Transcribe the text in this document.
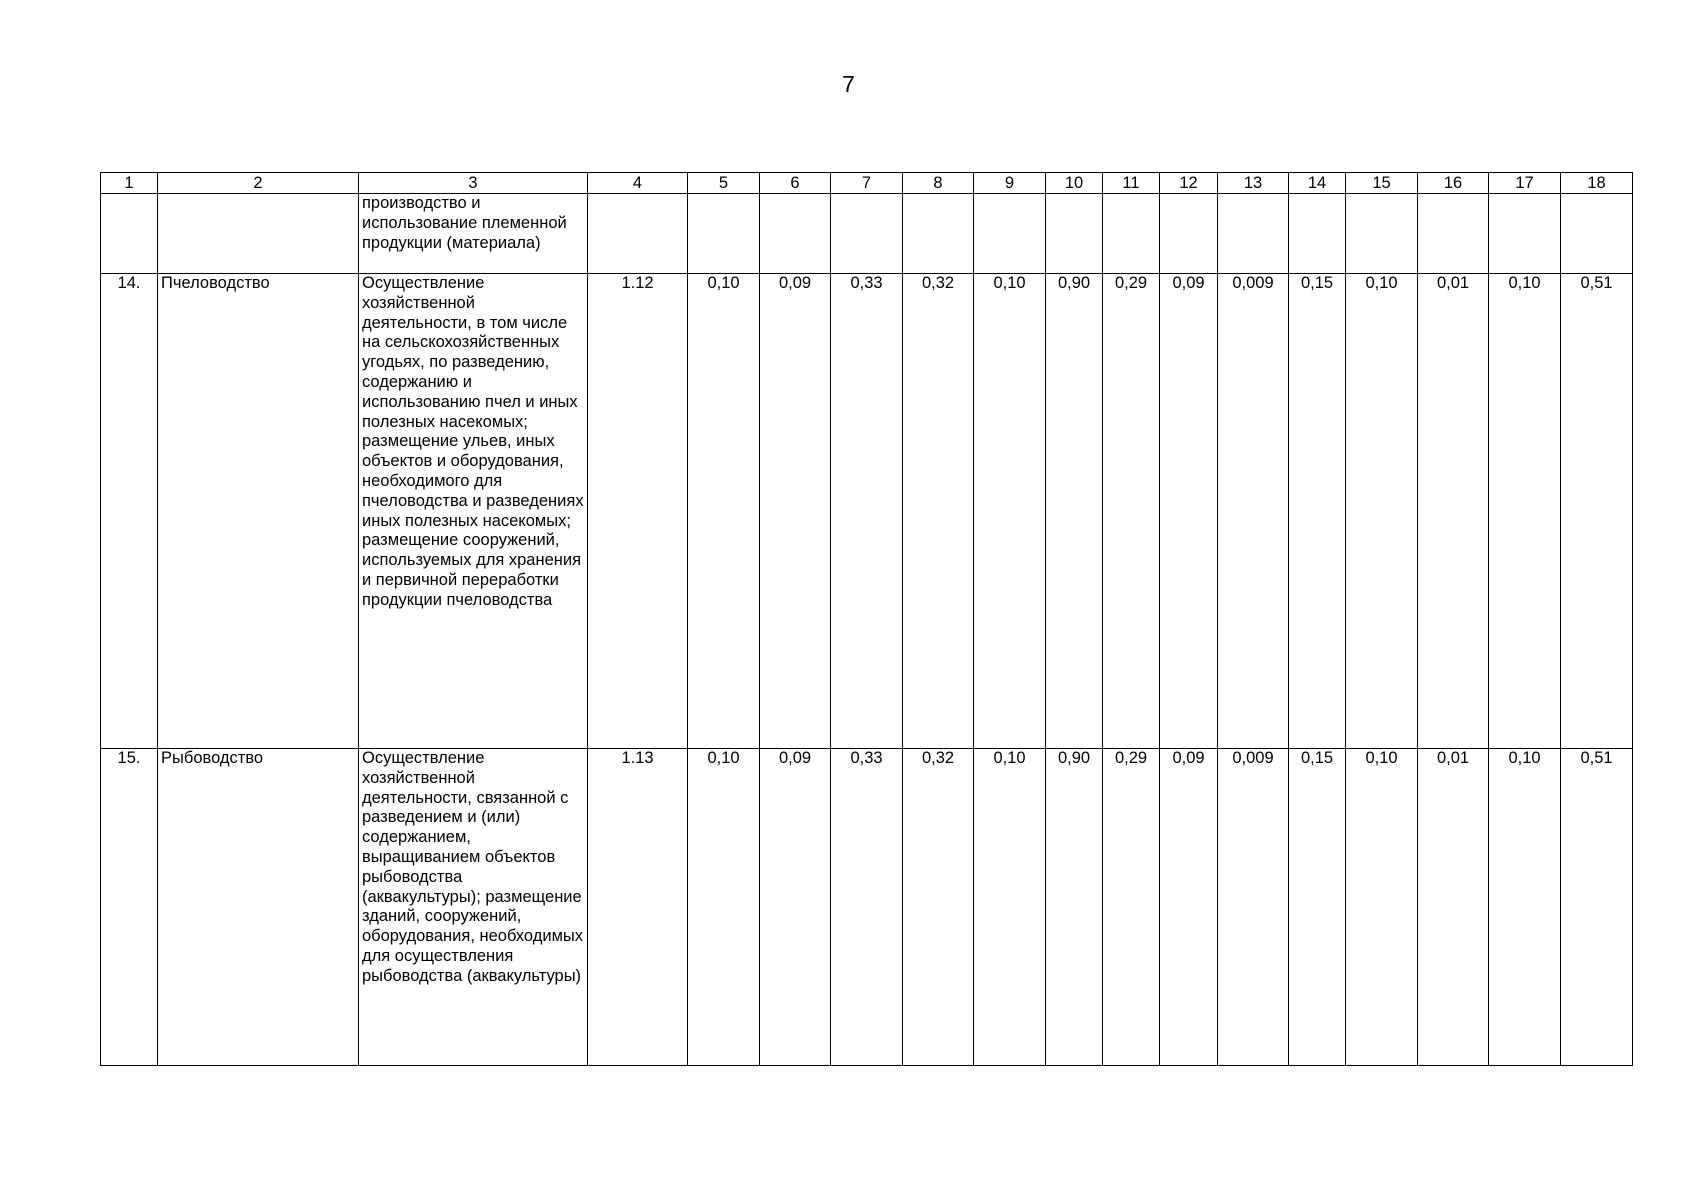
7
1	2	3	4	5	6	7	8	9	10	11	12	13	14	15	16	17	18
		производство и использование племенной продукции (материала)															
14.	Пчеловодство	Осуществление хозяйственной деятельности, в том числе на сельскохозяйственных угодьях, по разведению, содержанию и использованию пчел и иных полезных насекомых; размещение ульев, иных объектов и оборудования, необходимого для пчеловодства и разведениях иных полезных насекомых; размещение сооружений, используемых для хранения и первичной переработки продукции пчеловодства	1.12	0,10	0,09	0,33	0,32	0,10	0,90	0,29	0,09	0,009	0,15	0,10	0,01	0,10	0,51
15.	Рыбоводство	Осуществление хозяйственной деятельности, связанной с разведением и (или) содержанием, выращиванием объектов рыбоводства (аквакультуры); размещение зданий, сооружений, оборудования, необходимых для осуществления рыбоводства (аквакультуры)	1.13	0,10	0,09	0,33	0,32	0,10	0,90	0,29	0,09	0,009	0,15	0,10	0,01	0,10	0,51
